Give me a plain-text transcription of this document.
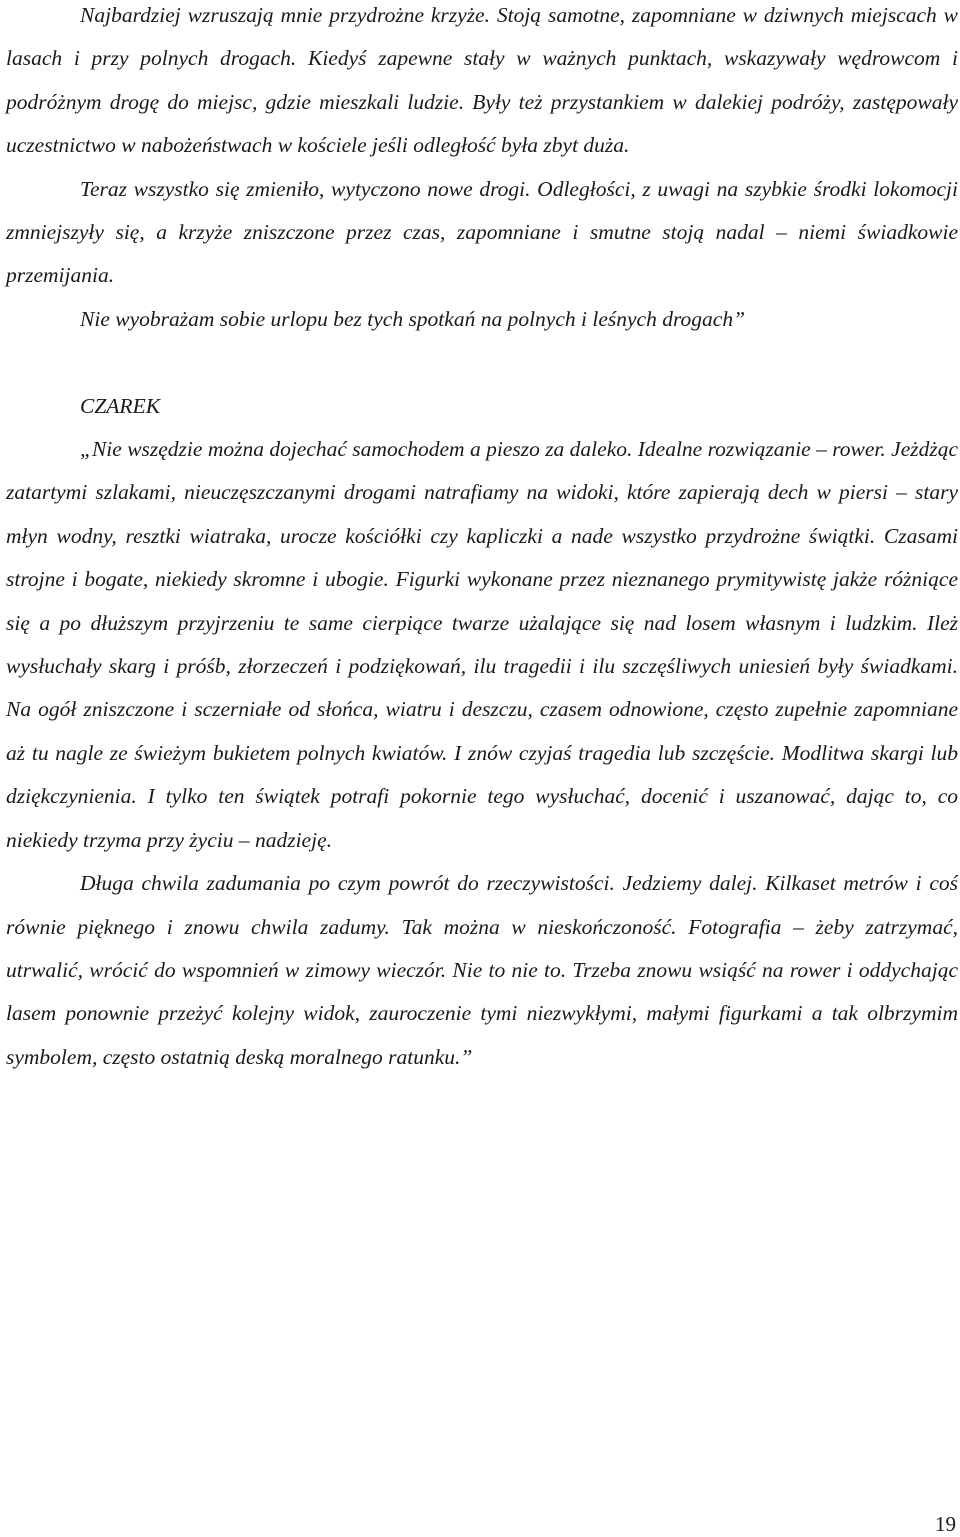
Najbardziej wzruszają mnie przydrożne krzyże. Stoją samotne, zapomniane w dziwnych miejscach w lasach i przy polnych drogach. Kiedyś zapewne stały w ważnych punktach, wskazywały wędrowcom i podróżnym drogę do miejsc, gdzie mieszkali ludzie. Były też przystankiem w dalekiej podróży, zastępowały uczestnictwo w nabożeństwach w kościele jeśli odległość była zbyt duża.

Teraz wszystko się zmieniło, wytyczono nowe drogi. Odległości, z uwagi na szybkie środki lokomocji zmniejszyły się, a krzyże zniszczone przez czas, zapomniane i smutne stoją nadal – niemi świadkowie przemijania.

Nie wyobrażam sobie urlopu bez tych spotkań na polnych i leśnych drogach”

CZAREK

„Nie wszędzie można dojechać samochodem a pieszo za daleko. Idealne rozwiązanie – rower. Jeżdżąc zatartymi szlakami, nieuczęszczanymi drogami natrafiamy na widoki, które zapierają dech w piersi – stary młyn wodny, resztki wiatraka, urocze kościółki czy kapliczki a nade wszystko przydrożne świątki. Czasami strojne i bogate, niekiedy skromne i ubogie. Figurki wykonane przez nieznanego prymitywistę jakże różniące się a po dłuższym przyjrzeniu te same cierpiące twarze użalające się nad losem własnym i ludzkim. Ileż wysłuchały skarg i próśb, złorzeczeń i podziękowań, ilu tragedii i ilu szczęśliwych uniesień były świadkami. Na ogół zniszczone i sczerniałe od słońca, wiatru i deszczu, czasem odnowione, często zupełnie zapomniane aż tu nagle ze świeżym bukietem polnych kwiatów. I znów czyjaś tragedia lub szczęście. Modlitwa skargi lub dziękczynienia. I tylko ten świątek potrafi pokornie tego wysłuchać, docenić i uszanować, dając to, co niekiedy trzyma przy życiu – nadzieję.

Długa chwila zadumania po czym powrót do rzeczywistości. Jedziemy dalej. Kilkaset metrów i coś równie pięknego i znowu chwila zadumy. Tak można w nieskończoność. Fotografia – żeby zatrzymać, utrwalić, wrócić do wspomnień w zimowy wieczór. Nie to nie to. Trzeba znowu wsiąść na rower i oddychając lasem ponownie przeżyć kolejny widok, zauroczenie tymi niezwykłymi, małymi figurkami a tak olbrzymim symbolem, często ostatnią deską moralnego ratunku.”

19
